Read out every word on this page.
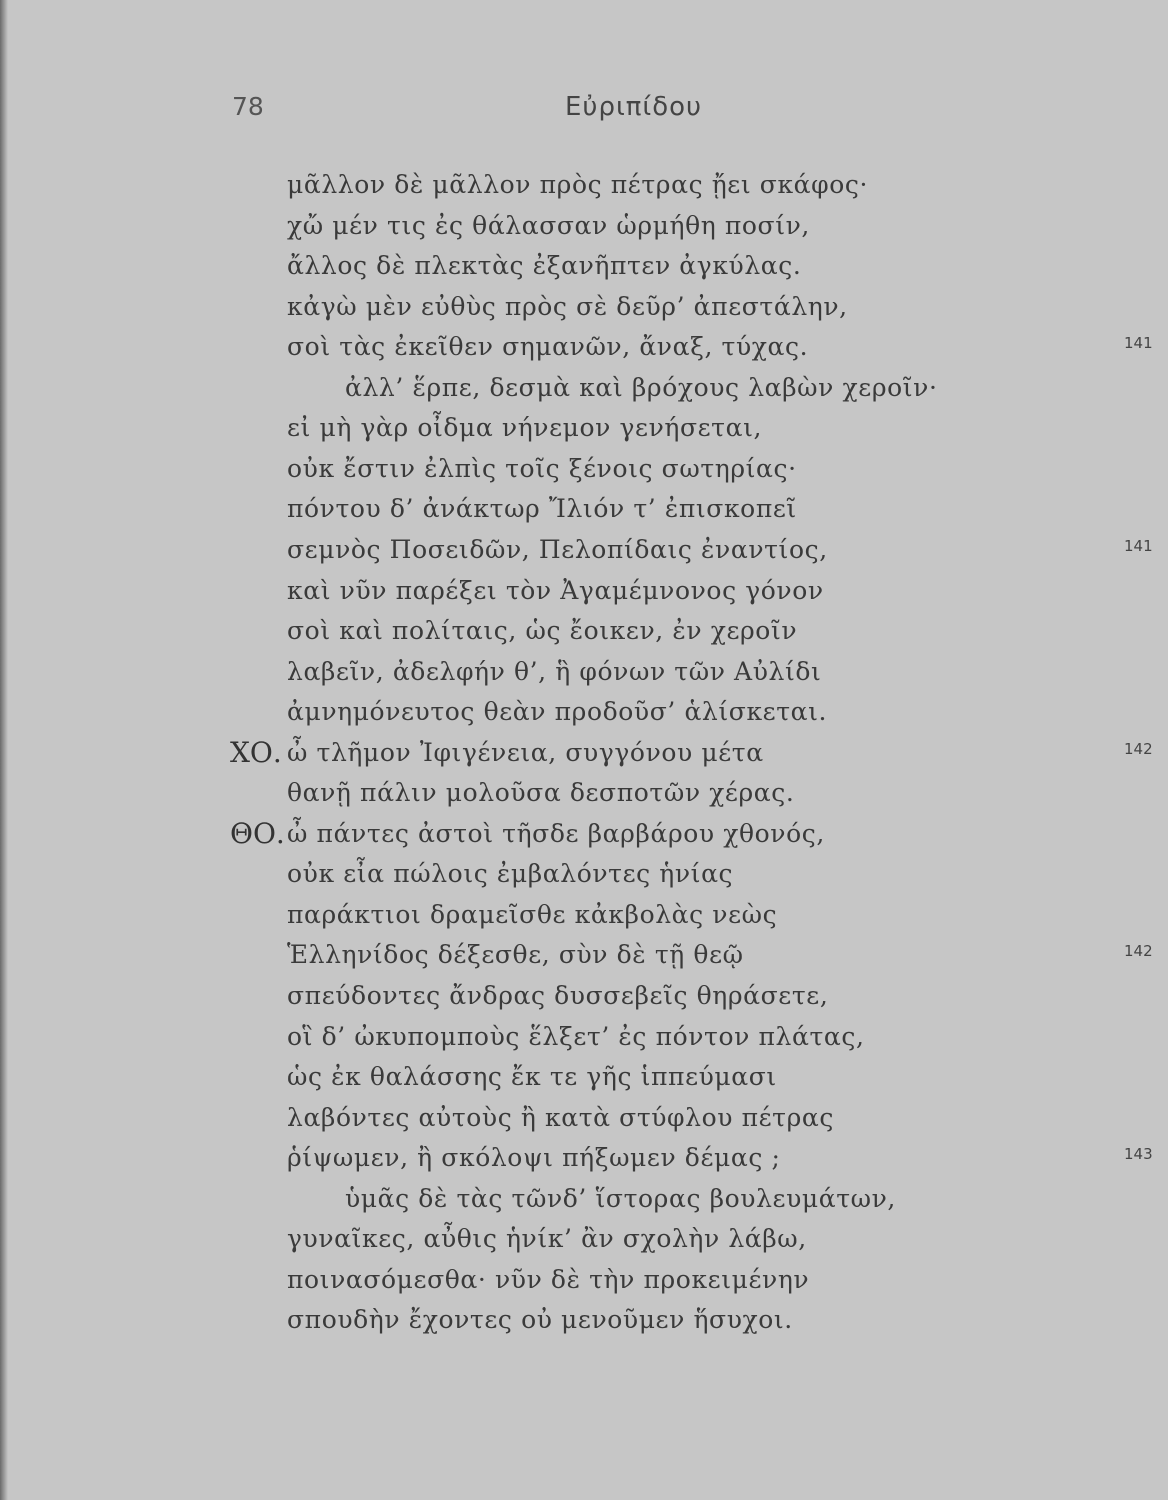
78	Εὐριπίδου
μᾶλλον δὲ μᾶλλον πρὸς πέτρας ᾔει σκάφος·
χὤ μέν τις ἐς θάλασσαν ὡρμήθη ποσίν,
ἄλλος δὲ πλεκτὰς ἐξανῆπτεν ἀγκύλας.
κἀγὼ μὲν εὐθὺς πρὸς σὲ δεῦρ’ ἀπεστάλην,
σοὶ τὰς ἐκεῖθεν σημανῶν, ἄναξ, τύχας.	141
ἀλλ’ ἕρπε, δεσμὰ καὶ βρόχους λαβὼν χεροῖν·
εἰ μὴ γὰρ οἶδμα νήνεμον γενήσεται,
οὐκ ἔστιν ἐλπὶς τοῖς ξένοις σωτηρίας·
πόντου δ’ ἀνάκτωρ Ἴλιόν τ’ ἐπισκοπεῖ
σεμνὸς Ποσειδῶν, Πελοπίδαις ἐναντίος,	141
καὶ νῦν παρέξει τὸν Ἀγαμέμνονος γόνον
σοὶ καὶ πολίταις, ὡς ἔοικεν, ἐν χεροῖν
λαβεῖν, ἀδελφήν θ’, ἣ φόνων τῶν Αὐλίδι
ἀμνημόνευτος θεὰν προδοῦσ’ ἁλίσκεται.
ΧΟ. ὦ τλῆμον Ἰφιγένεια, συγγόνου μέτα	142
θανῇ πάλιν μολοῦσα δεσποτῶν χέρας.
ΘΟ. ὦ πάντες ἀστοὶ τῆσδε βαρβάρου χθονός,
οὐκ εἶα πώλοις ἐμβαλόντες ἡνίας
παράκτιοι δραμεῖσθε κἀκβολὰς νεὼς
Ἑλληνίδος δέξεσθε, σὺν δὲ τῇ θεῷ	142
σπεύδοντες ἄνδρας δυσσεβεῖς θηράσετε,
οἳ δ’ ὠκυπομποὺς ἕλξετ’ ἐς πόντον πλάτας,
ὡς ἐκ θαλάσσης ἔκ τε γῆς ἱππεύμασι
λαβόντες αὐτοὺς ἢ κατὰ στύφλου πέτρας
ῥίψωμεν, ἢ σκόλοψι πήξωμεν δέμας ;	143
ὑμᾶς δὲ τὰς τῶνδ’ ἵστορας βουλευμάτων,
γυναῖκες, αὖθις ἡνίκ’ ἂν σχολὴν λάβω,
ποινασόμεσθα· νῦν δὲ τὴν προκειμένην
σπουδὴν ἔχοντες οὐ μενοῦμεν ἥσυχοι.
